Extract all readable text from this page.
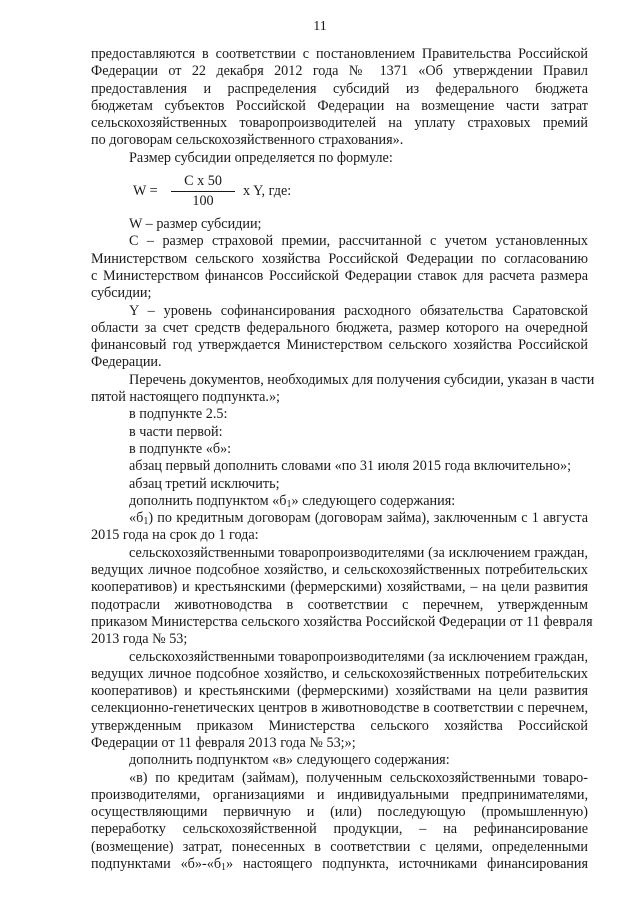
11
предоставляются в соответствии с постановлением Правительства Российской
Федерации от 22 декабря 2012 года № 1371 «Об утверждении Правил
предоставления и распределения субсидий из федерального бюджета
бюджетам субъектов Российской Федерации на возмещение части затрат
сельскохозяйственных товаропроизводителей на уплату страховых премий
по договорам сельскохозяйственного страхования».
Размер субсидии определяется по формуле:
$W = \frac{\text{C x 50}}{100}$ x Y, где:
W – размер субсидии;
С – размер страховой премии, рассчитанной с учетом установленных
Министерством сельского хозяйства Российской Федерации по согласованию
с Министерством финансов Российской Федерации ставок для расчета размера
субсидии;
Y – уровень софинансирования расходного обязательства Саратовской
области за счет средств федерального бюджета, размер которого на очередной
финансовый год утверждается Министерством сельского хозяйства Российской
Федерации.
Перечень документов, необходимых для получения субсидии, указан в части
пятой настоящего подпункта.»;
в подпункте 2.5:
в части первой:
в подпункте «б»:
абзац первый дополнить словами «по 31 июля 2015 года включительно»;
абзац третий исключить;
дополнить подпунктом «$б_1$» следующего содержания:
«$б_1$) по кредитным договорам (договорам займа), заключенным с 1 августа
2015 года на срок до 1 года:
сельскохозяйственными товаропроизводителями (за исключением граждан,
ведущих личное подсобное хозяйство, и сельскохозяйственных потребительских
кооперативов) и крестьянскими (фермерскими) хозяйствами, – на цели развития
подотрасли животноводства в соответствии с перечнем, утвержденным
приказом Министерства сельского хозяйства Российской Федерации от 11 февраля
2013 года № 53;
сельскохозяйственными товаропроизводителями (за исключением граждан,
ведущих личное подсобное хозяйство, и сельскохозяйственных потребительских
кооперативов) и крестьянскими (фермерскими) хозяйствами на цели развития
селекционно-генетических центров в животноводстве в соответствии с перечнем,
утвержденным приказом Министерства сельского хозяйства Российской
Федерации от 11 февраля 2013 года № 53;»;
дополнить подпунктом «в» следующего содержания:
«в) по кредитам (займам), полученным сельскохозяйственными товаро-
производителями, организациями и индивидуальными предпринимателями,
осуществляющими первичную и (или) последующую (промышленную)
переработку сельскохозяйственной продукции, – на рефинансирование
(возмещение) затрат, понесенных в соответствии с целями, определенными
подпунктами «$б»-«б_1$» настоящего подпункта, источниками финансирования
